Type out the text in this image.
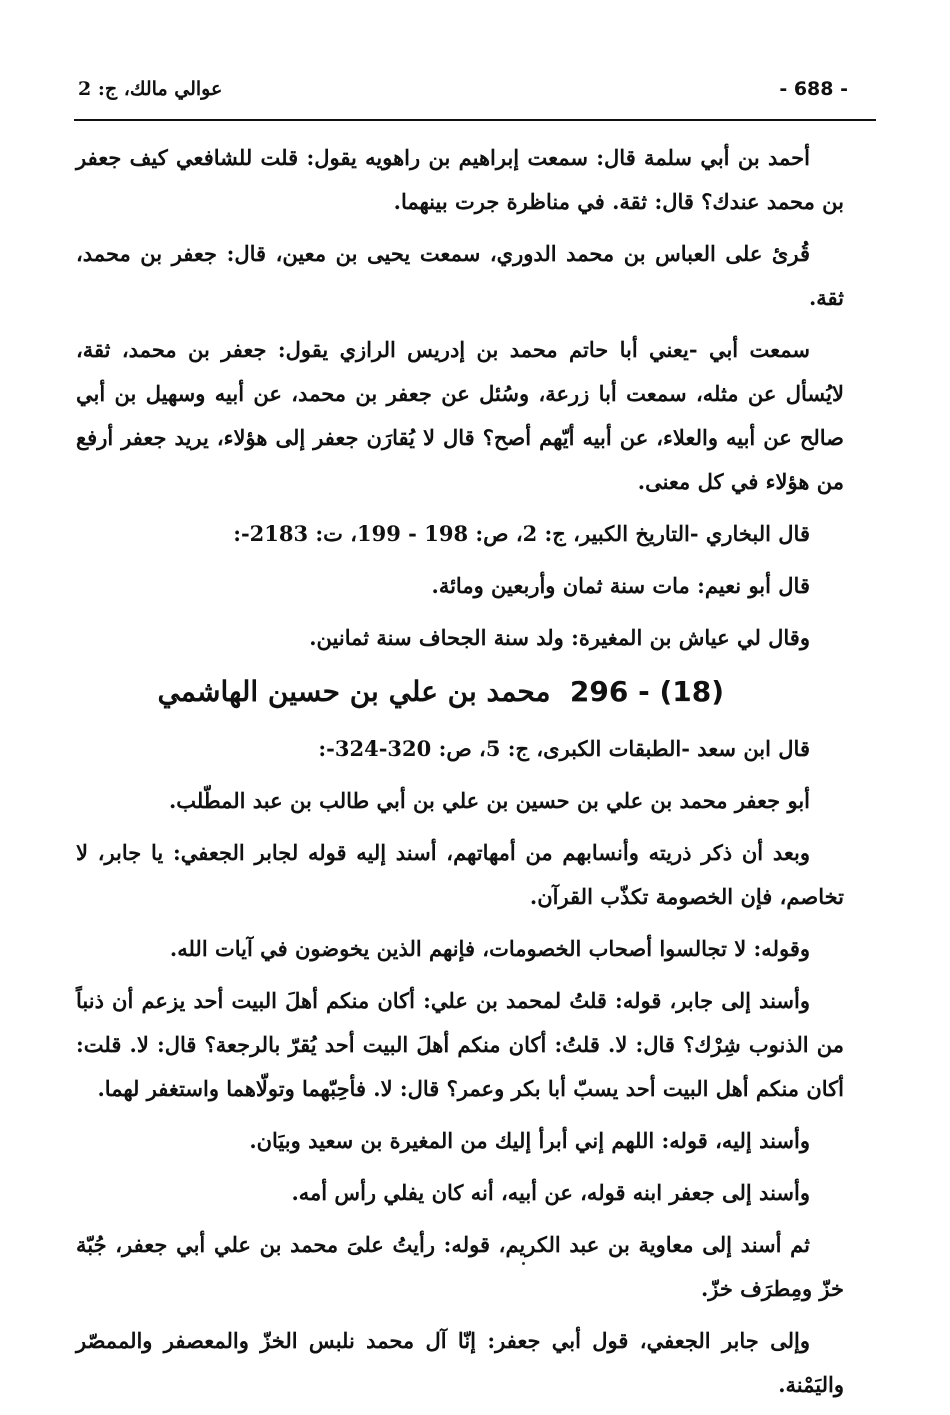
- 688 -
عوالي مالك، ج: 2

أحمد بن أبي سلمة قال: سمعت إبراهيم بن راهويه يقول: قلت للشافعي كيف جعفر بن محمد عندك؟ قال: ثقة. في مناظرة جرت بينهما.

قُرئ على العباس بن محمد الدوري، سمعت يحيى بن معين، قال: جعفر بن محمد، ثقة.

سمعت أبي -يعني أبا حاتم محمد بن إدريس الرازي يقول: جعفر بن محمد، ثقة، لايُسأل عن مثله، سمعت أبا زرعة، وسُئل عن جعفر بن محمد، عن أبيه وسهيل بن أبي صالح عن أبيه والعلاء، عن أبيه أيّهم أصح؟ قال لا يُقارَن جعفر إلى هؤلاء، يريد جعفر أرفع من هؤلاء في كل معنى.

قال البخاري -التاريخ الكبير، ج: 2، ص: 198 - 199، ت: 2183-:

قال أبو نعيم: مات سنة ثمان وأربعين ومائة.

وقال لي عياش بن المغيرة: ولد سنة الجحاف سنة ثمانين.

296 - (18) محمد بن علي بن حسين الهاشمي

قال ابن سعد -الطبقات الكبرى، ج: 5، ص: 320-324-:

أبو جعفر محمد بن علي بن حسين بن علي بن أبي طالب بن عبد المطّلب.

وبعد أن ذكر ذريته وأنسابهم من أمهاتهم، أسند إليه قوله لجابر الجعفي: يا جابر، لا تخاصم، فإن الخصومة تكذّب القرآن.

وقوله: لا تجالسوا أصحاب الخصومات، فإنهم الذين يخوضون في آيات الله.

وأسند إلى جابر، قوله: قلتُ لمحمد بن علي: أكان منكم أهلَ البيت أحد يزعم أن ذنباً من الذنوب شِرْك؟ قال: لا. قلتُ: أكان منكم أهلَ البيت أحد يُقرّ بالرجعة؟ قال: لا. قلت: أكان منكم أهل البيت أحد يسبّ أبا بكر وعمر؟ قال: لا. فأحِبّهما وتولّاهما واستغفر لهما.

وأسند إليه، قوله: اللهم إني أبرأ إليك من المغيرة بن سعيد وبيَان.

وأسند إلى جعفر ابنه قوله، عن أبيه، أنه كان يفلي رأس أمه.

ثم أسند إلى معاوية بن عبد الكريم، قوله: رأيتُ علىَ محمد بن علي أبي جعفر، جُبّة خزّ ومِطرَف خزّ.

وإلى جابر الجعفي، قول أبي جعفر: إنّا آل محمد نلبس الخزّ والمعصفر والممصّر واليَمْنة.
